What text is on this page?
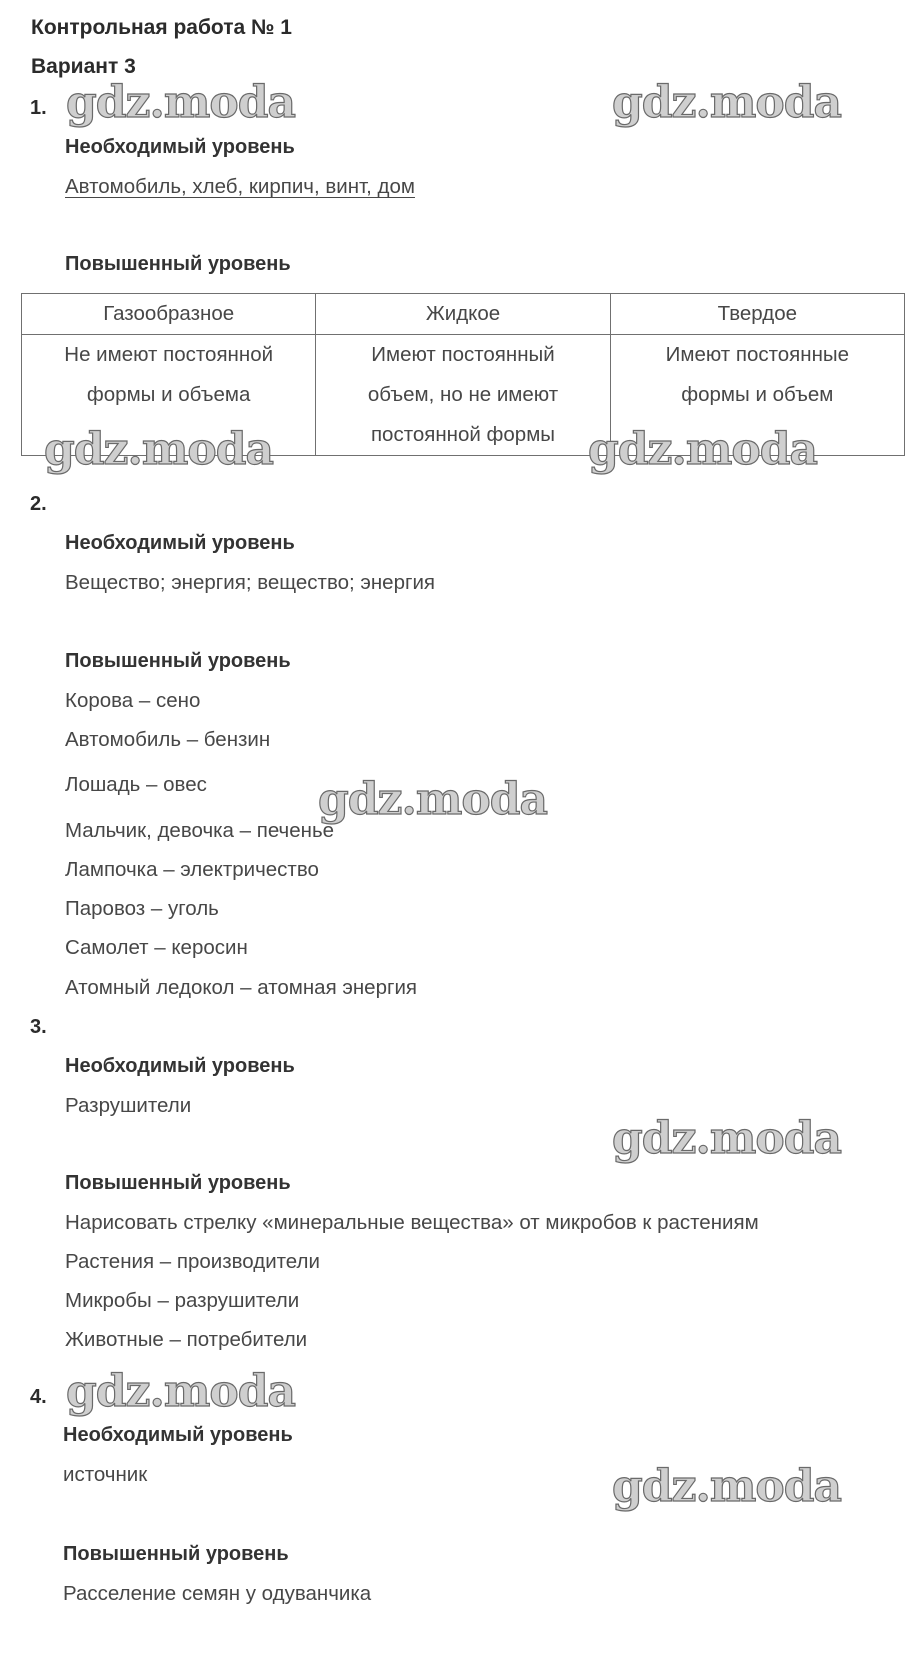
Контрольная работа № 1
Вариант 3
1.
Необходимый уровень
Автомобиль, хлеб, кирпич, винт, дом
Повышенный уровень
Газообразное	Жидкое	Твердое
Не имеют постоянной формы и объема	Имеют постоянный объем, но не имеют постоянной формы	Имеют постоянные формы и объем
2.
Необходимый уровень
Вещество; энергия; вещество; энергия
Повышенный уровень
Корова – сено
Автомобиль – бензин
Лошадь – овес
Мальчик, девочка – печенье
Лампочка – электричество
Паровоз – уголь
Самолет – керосин
Атомный ледокол – атомная энергия
3.
Необходимый уровень
Разрушители
Повышенный уровень
Нарисовать стрелку «минеральные вещества» от микробов к растениям
Растения – производители
Микробы – разрушители
Животные – потребители
4.
Необходимый уровень
источник
Повышенный уровень
Расселение семян у одуванчика
gdz.moda	gdz.moda
gdz.moda	gdz.moda
gdz.moda
gdz.moda
gdz.moda
gdz.moda
